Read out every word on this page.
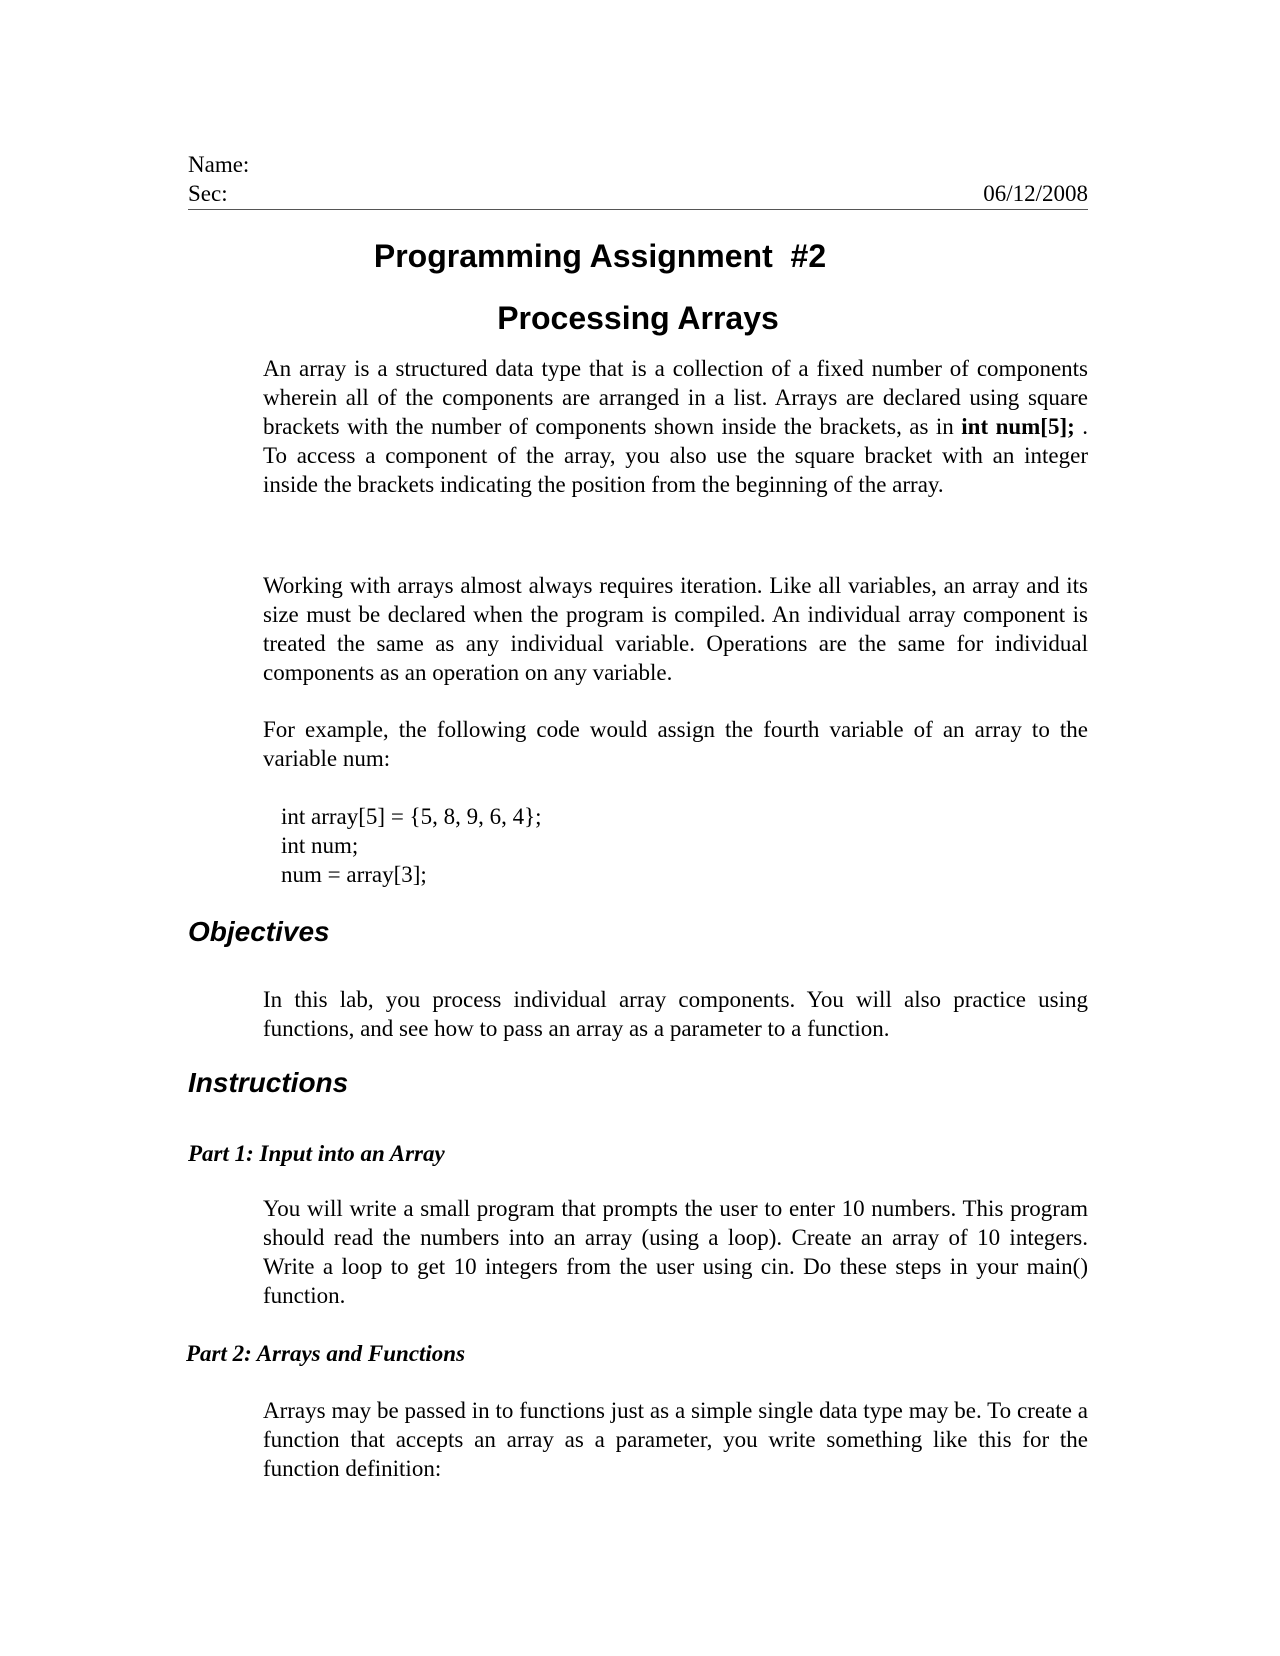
Name:
Sec:	06/12/2008
Programming Assignment  #2
Processing Arrays

An array is a structured data type that is a collection of a fixed number of components wherein all of the components are arranged in a list. Arrays are declared using square brackets with the number of components shown inside the brackets, as in int num[5]; .   To access a component of the array, you also use the square bracket with an integer inside the brackets indicating the position from the beginning of the array.

Working with arrays almost always requires iteration. Like all variables, an array and its size must be declared when the program is compiled. An individual array component is treated the same as any individual variable. Operations are the same for individual components as an operation on any variable.

For example, the following code would assign the fourth variable of an array to the variable num:

int array[5] = {5, 8, 9, 6, 4};
int num;
num = array[3];
Objectives

In this lab, you process individual array components. You will also practice using functions, and see how to pass an array as a parameter to a function.

Instructions
Part 1: Input into an Array

You will write a small program that prompts the user to enter 10 numbers. This program should read the numbers into an array (using a loop). Create an array of 10 integers. Write a loop to get 10 integers from the user using cin. Do these steps in your main() function.

Part 2: Arrays and Functions

Arrays may be passed in to functions just as a simple single data type may be. To create a function that accepts an array as a parameter, you write something like this for the function definition:
